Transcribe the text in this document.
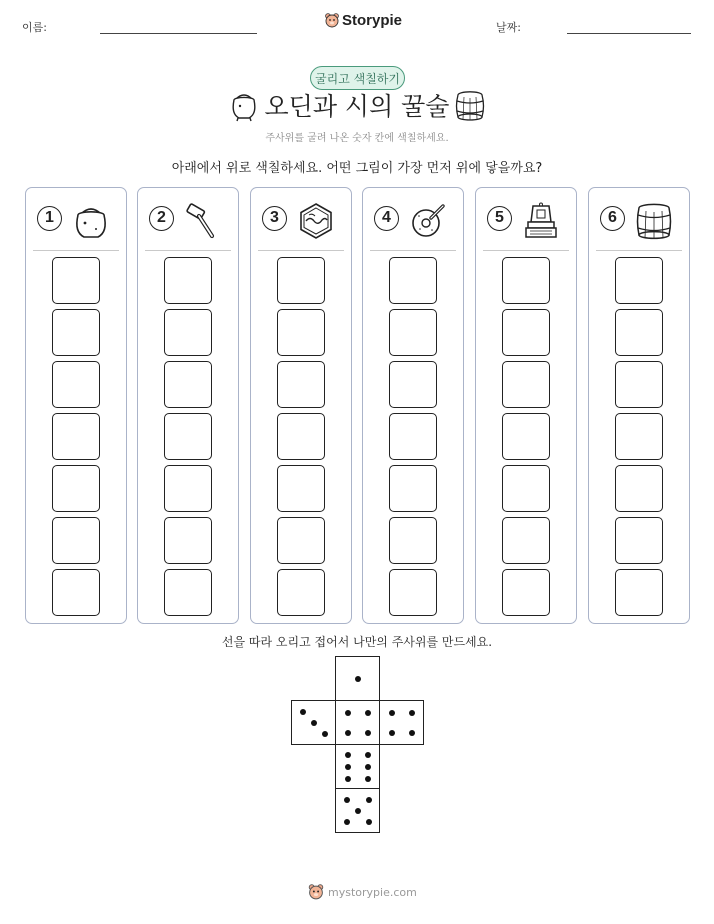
이름:	Storypie	날짜:
굴리고 색칠하기
오딘과 시의 꿀술
주사위를 굴려 나온 숫자 칸에 색칠하세요.
아래에서 위로 색칠하세요. 어떤 그림이 가장 먼저 위에 닿을까요?
1	2	3	4	5	6
선을 따라 오리고 접어서 나만의 주사위를 만드세요.
mystorypie.com
